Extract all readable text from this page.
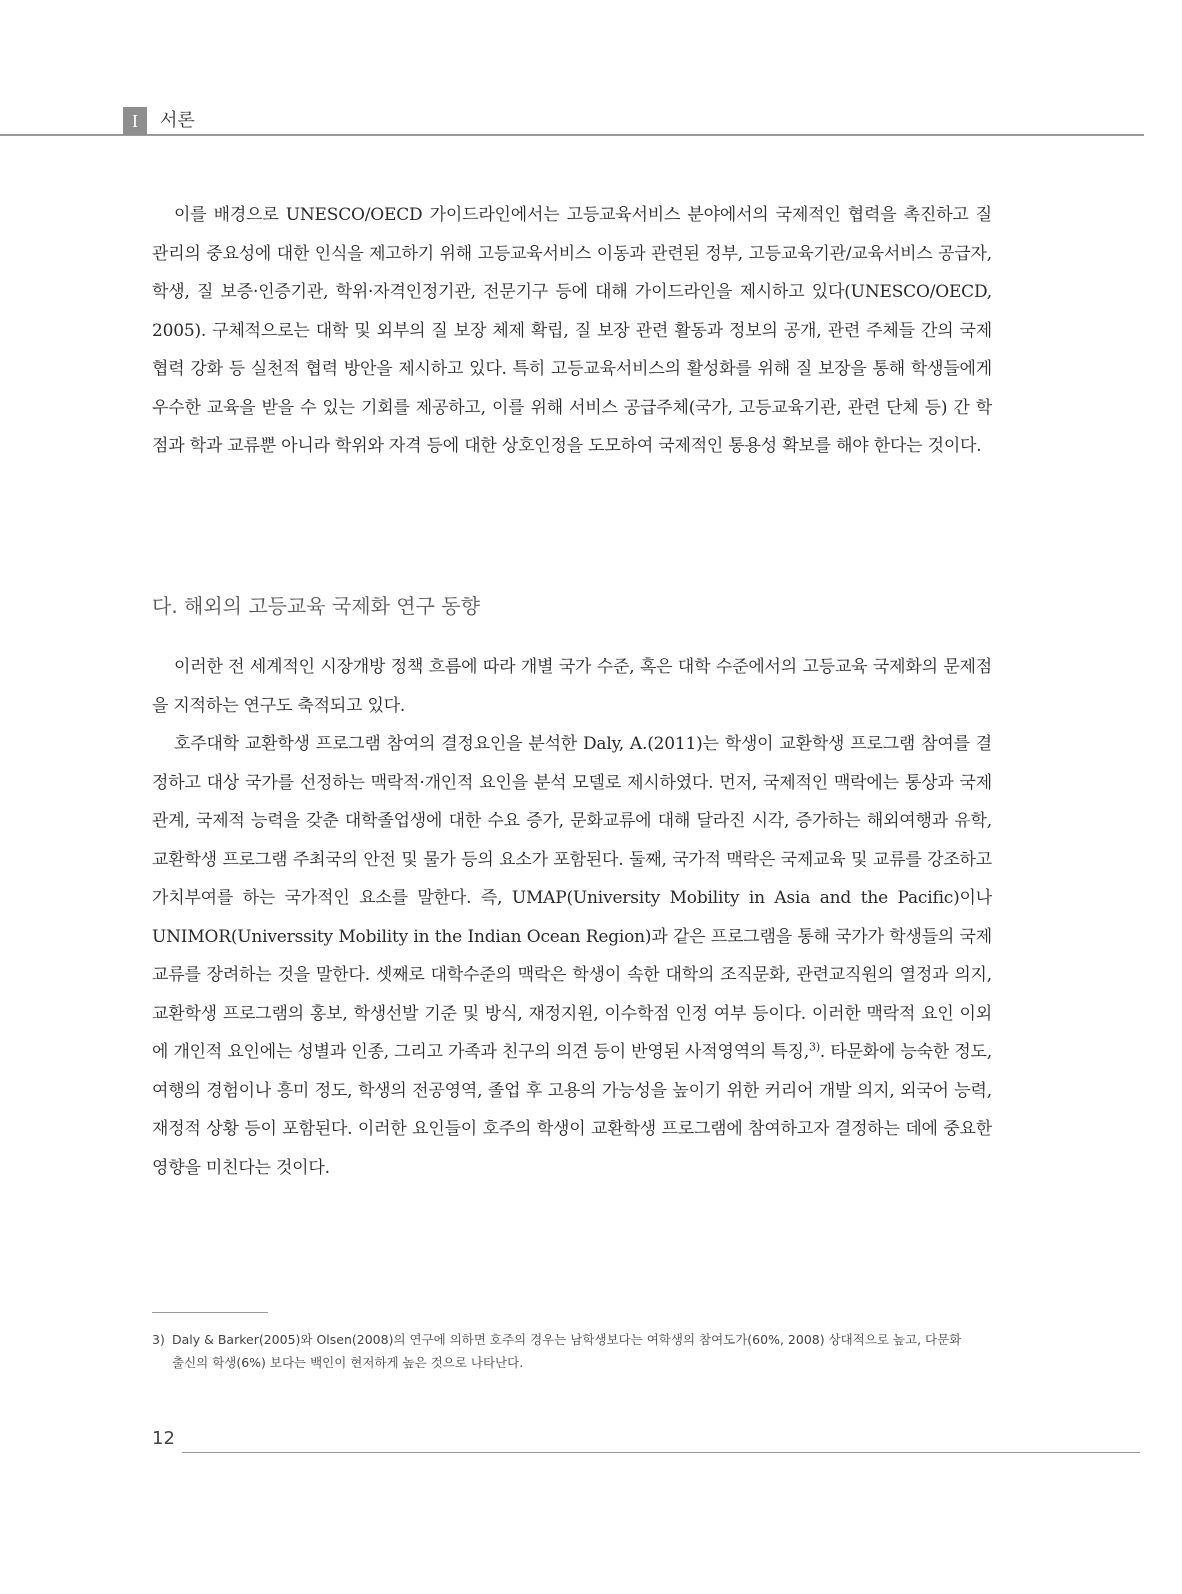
I	서론

이를 배경으로 UNESCO/OECD 가이드라인에서는 고등교육서비스 분야에서의 국제적인 협력을 촉진하고 질 관리의 중요성에 대한 인식을 제고하기 위해 고등교육서비스 이동과 관련된 정부, 고등교육기관/교육서비스 공급자, 학생, 질 보증·인증기관, 학위·자격인정기관, 전문기구 등에 대해 가이드라인을 제시하고 있다(UNESCO/OECD, 2005). 구체적으로는 대학 및 외부의 질 보장 체제 확립, 질 보장 관련 활동과 정보의 공개, 관련 주체들 간의 국제 협력 강화 등 실천적 협력 방안을 제시하고 있다. 특히 고등교육서비스의 활성화를 위해 질 보장을 통해 학생들에게 우수한 교육을 받을 수 있는 기회를 제공하고, 이를 위해 서비스 공급주체(국가, 고등교육기관, 관련 단체 등) 간 학점과 학과 교류뿐 아니라 학위와 자격 등에 대한 상호인정을 도모하여 국제적인 통용성 확보를 해야 한다는 것이다.

다. 해외의 고등교육 국제화 연구 동향

이러한 전 세계적인 시장개방 정책 흐름에 따라 개별 국가 수준, 혹은 대학 수준에서의 고등교육 국제화의 문제점을 지적하는 연구도 축적되고 있다.

호주대학 교환학생 프로그램 참여의 결정요인을 분석한 Daly, A.(2011)는 학생이 교환학생 프로그램 참여를 결정하고 대상 국가를 선정하는 맥락적·개인적 요인을 분석 모델로 제시하였다. 먼저, 국제적인 맥락에는 통상과 국제관계, 국제적 능력을 갖춘 대학졸업생에 대한 수요 증가, 문화교류에 대해 달라진 시각, 증가하는 해외여행과 유학, 교환학생 프로그램 주최국의 안전 및 물가 등의 요소가 포함된다. 둘째, 국가적 맥락은 국제교육 및 교류를 강조하고 가치부여를 하는 국가적인 요소를 말한다. 즉, UMAP(University Mobility in Asia and the Pacific)이나 UNIMOR(Universsity Mobility in the Indian Ocean Region)과 같은 프로그램을 통해 국가가 학생들의 국제교류를 장려하는 것을 말한다. 셋째로 대학수준의 맥락은 학생이 속한 대학의 조직문화, 관련교직원의 열정과 의지, 교환학생 프로그램의 홍보, 학생선발 기준 및 방식, 재정지원, 이수학점 인정 여부 등이다. 이러한 맥락적 요인 이외에 개인적 요인에는 성별과 인종, 그리고 가족과 친구의 의견 등이 반영된 사적영역의 특징,$^{3)}$. 타문화에 능숙한 정도, 여행의 경험이나 흥미 정도, 학생의 전공영역, 졸업 후 고용의 가능성을 높이기 위한 커리어 개발 의지, 외국어 능력, 재정적 상황 등이 포함된다. 이러한 요인들이 호주의 학생이 교환학생 프로그램에 참여하고자 결정하는 데에 중요한 영향을 미친다는 것이다.

3) Daly & Barker(2005)와 Olsen(2008)의 연구에 의하면 호주의 경우는 남학생보다는 여학생의 참여도가(60%, 2008) 상대적으로 높고, 다문화
출신의 학생(6%) 보다는 백인이 현저하게 높은 것으로 나타난다.
12
